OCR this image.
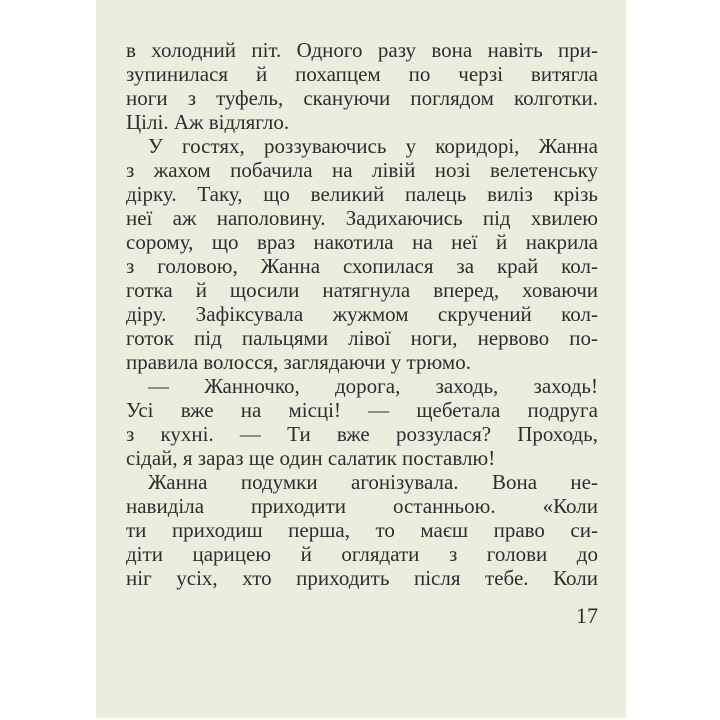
в холодний піт. Одного разу вона навіть при-
зупинилася й похапцем по черзі витягла
ноги з туфель, скануючи поглядом колготки.
Цілі. Аж відлягло.
У гостях, роззуваючись у коридорі, Жанна
з жахом побачила на лівій нозі велетенську
дірку. Таку, що великий палець виліз крізь
неї аж наполовину. Задихаючись під хвилею
сорому, що враз накотила на неї й накрила
з головою, Жанна схопилася за край кол-
готка й щосили натягнула вперед, ховаючи
діру. Зафіксувала жужмом скручений кол-
готок під пальцями лівої ноги, нервово по-
правила волосся, заглядаючи у трюмо.
— Жанночко, дорога, заходь, заходь!
Усі вже на місці! — щебетала подруга
з кухні. — Ти вже роззулася? Проходь,
сідай, я зараз ще один салатик поставлю!
Жанна подумки агонізувала. Вона не-
навиділа приходити останньою. «Коли
ти приходиш перша, то маєш право си-
діти царицею й оглядати з голови до
ніг усіх, хто приходить після тебе. Коли
17
